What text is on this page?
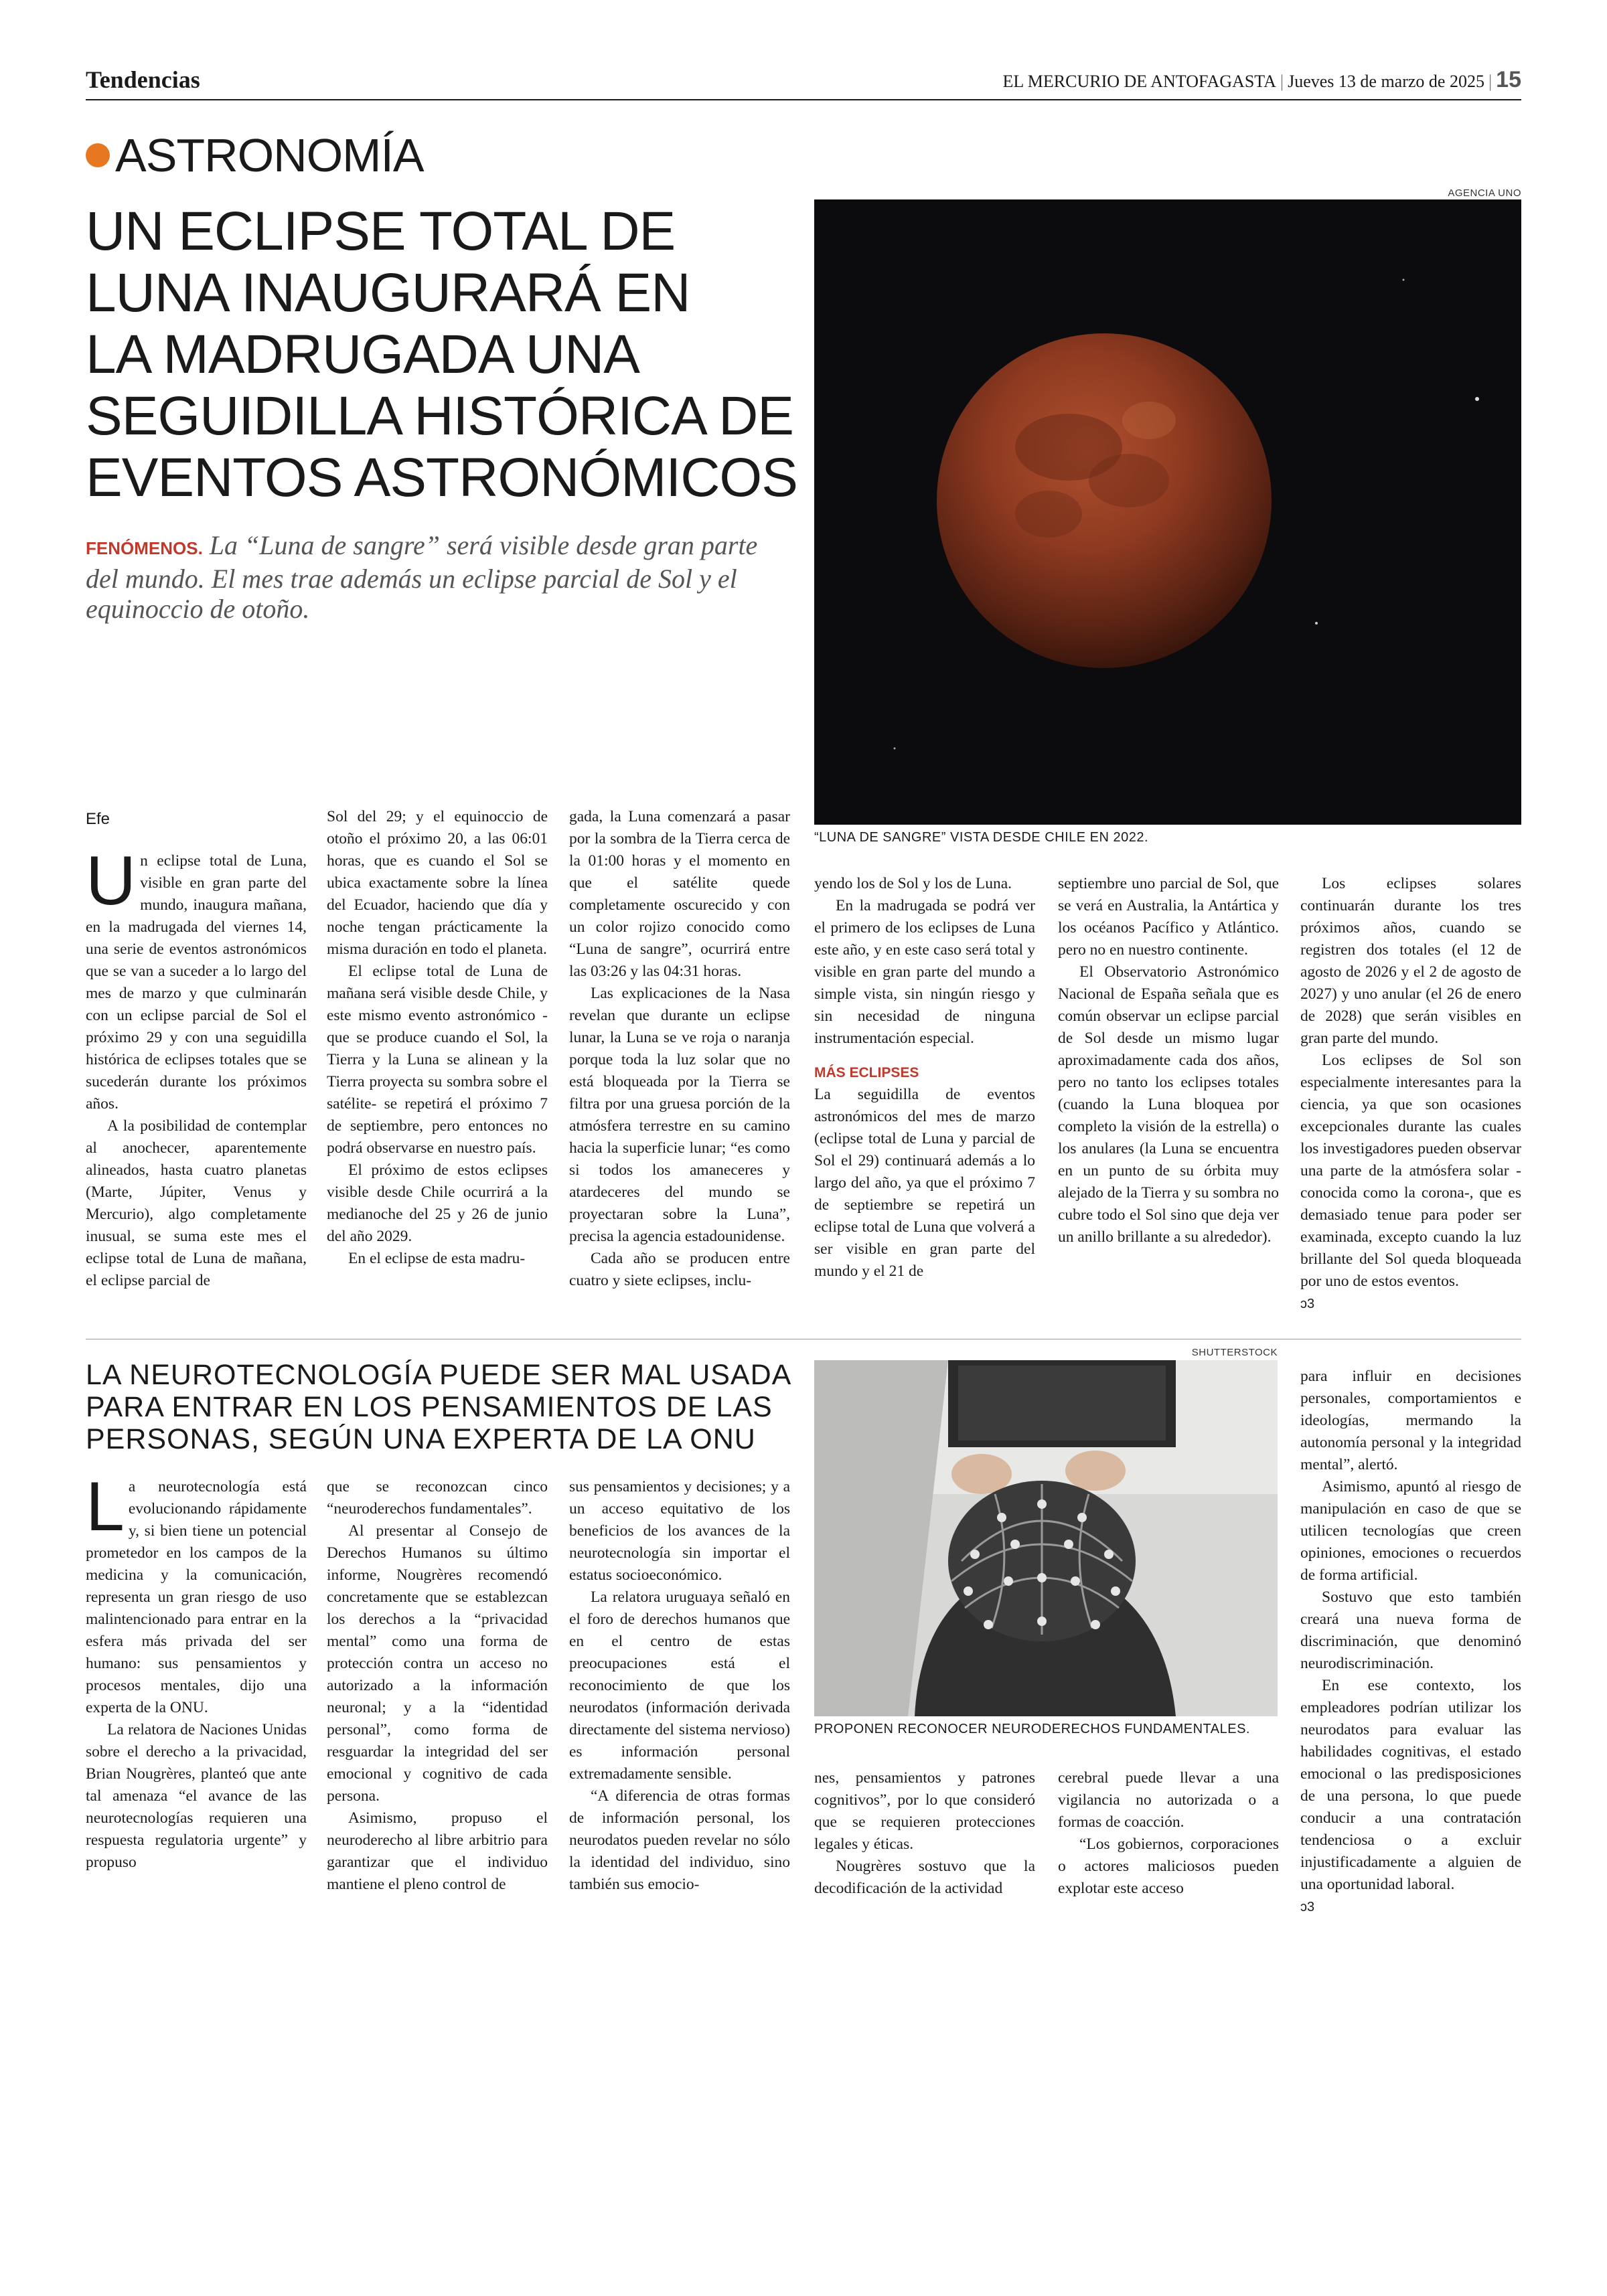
Tendencias	EL MERCURIO DE ANTOFAGASTA | Jueves 13 de marzo de 2025 | 15
ASTRONOMÍA
UN ECLIPSE TOTAL DE
LUNA INAUGURARÁ EN
LA MADRUGADA UNA
SEGUIDILLA HISTÓRICA DE
EVENTOS ASTRONÓMICOS
FENÓMENOS. La “Luna de sangre” será visible desde gran parte del mundo. El mes trae además un eclipse parcial de Sol y el equinoccio de otoño.
AGENCIA UNO
“LUNA DE SANGRE” VISTA DESDE CHILE EN 2022.
Efe

Un eclipse total de Luna, visible en gran parte del mundo, inaugura mañana, en la madrugada del viernes 14, una serie de eventos astronómicos que se van a suceder a lo largo del mes de marzo y que culminarán con un eclipse parcial de Sol el próximo 29 y con una seguidilla histórica de eclipses totales que se sucederán durante los próximos años.

A la posibilidad de contemplar al anochecer, aparentemente alineados, hasta cuatro planetas (Marte, Júpiter, Venus y Mercurio), algo completamente inusual, se suma este mes el eclipse total de Luna de mañana, el eclipse parcial de

Sol del 29; y el equinoccio de otoño el próximo 20, a las 06:01 horas, que es cuando el Sol se ubica exactamente sobre la línea del Ecuador, haciendo que día y noche tengan prácticamente la misma duración en todo el planeta.

El eclipse total de Luna de mañana será visible desde Chile, y este mismo evento astronómico -que se produce cuando el Sol, la Tierra y la Luna se alinean y la Tierra proyecta su sombra sobre el satélite- se repetirá el próximo 7 de septiembre, pero entonces no podrá observarse en nuestro país.

El próximo de estos eclipses visible desde Chile ocurrirá a la medianoche del 25 y 26 de junio del año 2029.

En el eclipse de esta madru-

gada, la Luna comenzará a pasar por la sombra de la Tierra cerca de la 01:00 horas y el momento en que el satélite quede completamente oscurecido y con un color rojizo conocido como “Luna de sangre”, ocurrirá entre las 03:26 y las 04:31 horas.

Las explicaciones de la Nasa revelan que durante un eclipse lunar, la Luna se ve roja o naranja porque toda la luz solar que no está bloqueada por la Tierra se filtra por una gruesa porción de la atmósfera terrestre en su camino hacia la superficie lunar; “es como si todos los amaneceres y atardeceres del mundo se proyectaran sobre la Luna”, precisa la agencia estadounidense.

Cada año se producen entre cuatro y siete eclipses, inclu-

yendo los de Sol y los de Luna.

En la madrugada se podrá ver el primero de los eclipses de Luna este año, y en este caso será total y visible en gran parte del mundo a simple vista, sin ningún riesgo y sin necesidad de ninguna instrumentación especial.

MÁS ECLIPSES

La seguidilla de eventos astronómicos del mes de marzo (eclipse total de Luna y parcial de Sol el 29) continuará además a lo largo del año, ya que el próximo 7 de septiembre se repetirá un eclipse total de Luna que volverá a ser visible en gran parte del mundo y el 21 de

septiembre uno parcial de Sol, que se verá en Australia, la Antártica y los océanos Pacífico y Atlántico. pero no en nuestro continente.

El Observatorio Astronómico Nacional de España señala que es común observar un eclipse parcial de Sol desde un mismo lugar aproximadamente cada dos años, pero no tanto los eclipses totales (cuando la Luna bloquea por completo la visión de la estrella) o los anulares (la Luna se encuentra en un punto de su órbita muy alejado de la Tierra y su sombra no cubre todo el Sol sino que deja ver un anillo brillante a su alrededor).

Los eclipses solares continuarán durante los tres próximos años, cuando se registren dos totales (el 12 de agosto de 2026 y el 2 de agosto de 2027) y uno anular (el 26 de enero de 2028) que serán visibles en gran parte del mundo.

Los eclipses de Sol son especialmente interesantes para la ciencia, ya que son ocasiones excepcionales durante las cuales los investigadores pueden observar una parte de la atmósfera solar -conocida como la corona-, que es demasiado tenue para poder ser examinada, excepto cuando la luz brillante del Sol queda bloqueada por uno de estos eventos.

ↄ3
LA NEUROTECNOLOGÍA PUEDE SER MAL USADA
PARA ENTRAR EN LOS PENSAMIENTOS DE LAS
PERSONAS, SEGÚN UNA EXPERTA DE LA ONU
SHUTTERSTOCK
PROPONEN RECONOCER NEURODERECHOS FUNDAMENTALES.

La neurotecnología está evolucionando rápidamente y, si bien tiene un potencial prometedor en los campos de la medicina y la comunicación, representa un gran riesgo de uso malintencionado para entrar en la esfera más privada del ser humano: sus pensamientos y procesos mentales, dijo una experta de la ONU.

La relatora de Naciones Unidas sobre el derecho a la privacidad, Brian Nougrères, planteó que ante tal amenaza “el avance de las neurotecnologías requieren una respuesta regulatoria urgente” y propuso

que se reconozcan cinco “neuroderechos fundamentales”.

Al presentar al Consejo de Derechos Humanos su último informe, Nougrères recomendó concretamente que se establezcan los derechos a la “privacidad mental” como una forma de protección contra un acceso no autorizado a la información neuronal; y a la “identidad personal”, como forma de resguardar la integridad del ser emocional y cognitivo de cada persona.

Asimismo, propuso el neuroderecho al libre arbitrio para garantizar que el individuo mantiene el pleno control de

sus pensamientos y decisiones; y a un acceso equitativo de los beneficios de los avances de la neurotecnología sin importar el estatus socioeconómico.

La relatora uruguaya señaló en el foro de derechos humanos que en el centro de estas preocupaciones está el reconocimiento de que los neurodatos (información derivada directamente del sistema nervioso) es información personal extremadamente sensible.

“A diferencia de otras formas de información personal, los neurodatos pueden revelar no sólo la identidad del individuo, sino también sus emocio-

nes, pensamientos y patrones cognitivos”, por lo que consideró que se requieren protecciones legales y éticas.

Nougrères sostuvo que la decodificación de la actividad

cerebral puede llevar a una vigilancia no autorizada o a formas de coacción.

“Los gobiernos, corporaciones o actores maliciosos pueden explotar este acceso

para influir en decisiones personales, comportamientos e ideologías, mermando la autonomía personal y la integridad mental”, alertó.

Asimismo, apuntó al riesgo de manipulación en caso de que se utilicen tecnologías que creen opiniones, emociones o recuerdos de forma artificial.

Sostuvo que esto también creará una nueva forma de discriminación, que denominó neurodiscriminación.

En ese contexto, los empleadores podrían utilizar los neurodatos para evaluar las habilidades cognitivas, el estado emocional o las predisposiciones de una persona, lo que puede conducir a una contratación tendenciosa o a excluir injustificadamente a alguien de una oportunidad laboral.

ↄ3
